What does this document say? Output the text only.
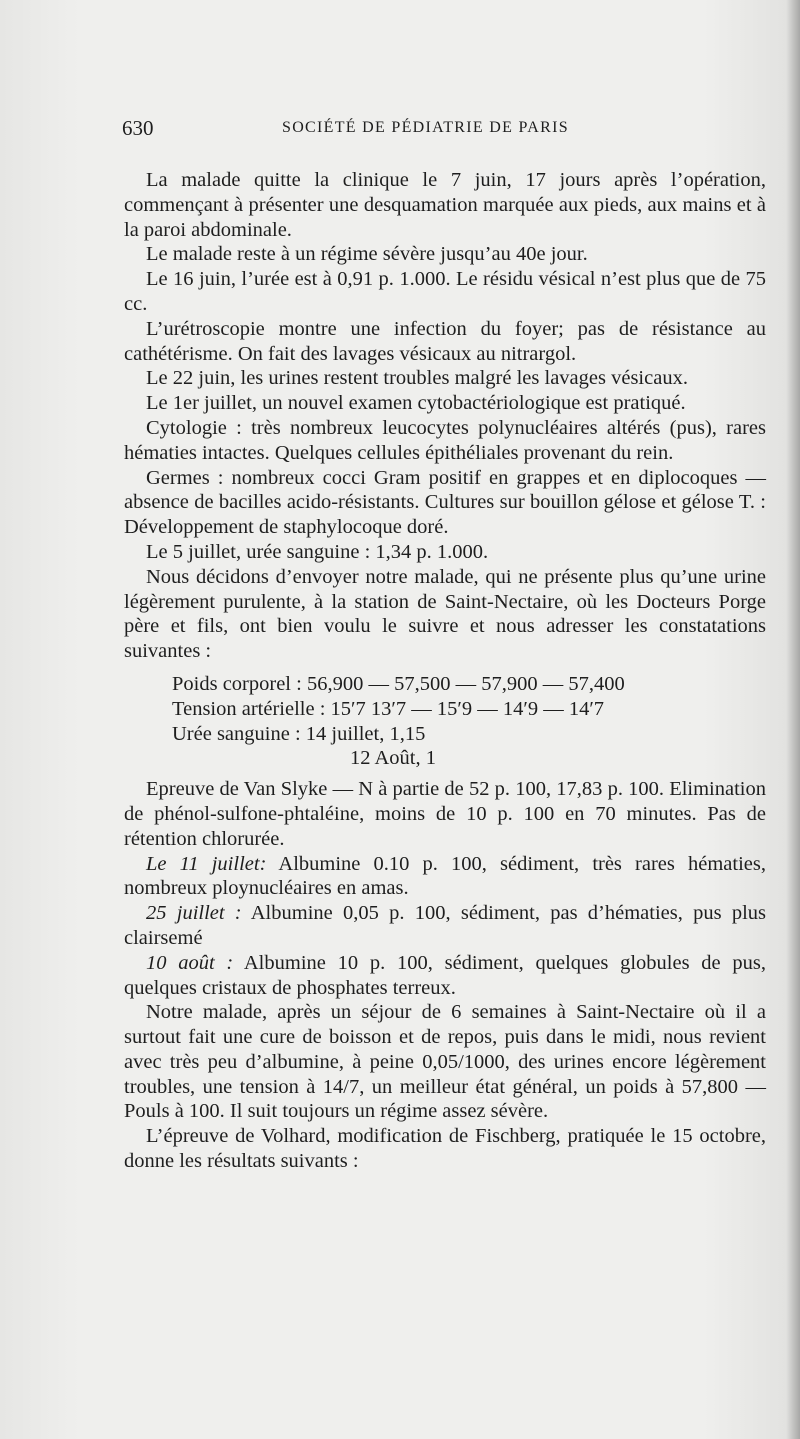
630	SOCIÉTÉ DE PÉDIATRIE DE PARIS

La malade quitte la clinique le 7 juin, 17 jours après l’opération, commençant à présenter une desquamation marquée aux pieds, aux mains et à la paroi abdominale.

Le malade reste à un régime sévère jusqu’au 40e jour.

Le 16 juin, l’urée est à 0,91 p. 1.000. Le résidu vésical n’est plus que de 75 cc.

L’urétroscopie montre une infection du foyer; pas de résistance au cathétérisme. On fait des lavages vésicaux au nitrargol.

Le 22 juin, les urines restent troubles malgré les lavages vésicaux.

Le 1er juillet, un nouvel examen cytobactériologique est pratiqué.

Cytologie : très nombreux leucocytes polynucléaires altérés (pus), rares hématies intactes. Quelques cellules épithéliales provenant du rein.

Germes : nombreux cocci Gram positif en grappes et en diplocoques — absence de bacilles acido-résistants. Cultures sur bouillon gélose et gélose T. : Développement de staphylocoque doré.

Le 5 juillet, urée sanguine : 1,34 p. 1.000.

Nous décidons d’envoyer notre malade, qui ne présente plus qu’une urine légèrement purulente, à la station de Saint-Nectaire, où les Docteurs Porge père et fils, ont bien voulu le suivre et nous adresser les constatations suivantes :

Poids corporel : 56,900 — 57,500 — 57,900 — 57,400
Tension artérielle : 15′7 13′7 — 15′9 — 14′9 — 14′7
Urée sanguine : 14 juillet, 1,15
12 Août, 1

Epreuve de Van Slyke — N à partie de 52 p. 100, 17,83 p. 100. Elimination de phénol-sulfone-phtaléine, moins de 10 p. 100 en 70 minutes. Pas de rétention chlorurée.

Le 11 juillet: Albumine 0.10 p. 100, sédiment, très rares hématies, nombreux ploynucléaires en amas.

25 juillet : Albumine 0,05 p. 100, sédiment, pas d’hématies, pus plus clairsemé

10 août : Albumine 10 p. 100, sédiment, quelques globules de pus, quelques cristaux de phosphates terreux.

Notre malade, après un séjour de 6 semaines à Saint-Nectaire où il a surtout fait une cure de boisson et de repos, puis dans le midi, nous revient avec très peu d’albumine, à peine 0,05/1000, des urines encore légèrement troubles, une tension à 14/7, un meilleur état général, un poids à 57,800 — Pouls à 100. Il suit toujours un régime assez sévère.

L’épreuve de Volhard, modification de Fischberg, pratiquée le 15 octobre, donne les résultats suivants :
